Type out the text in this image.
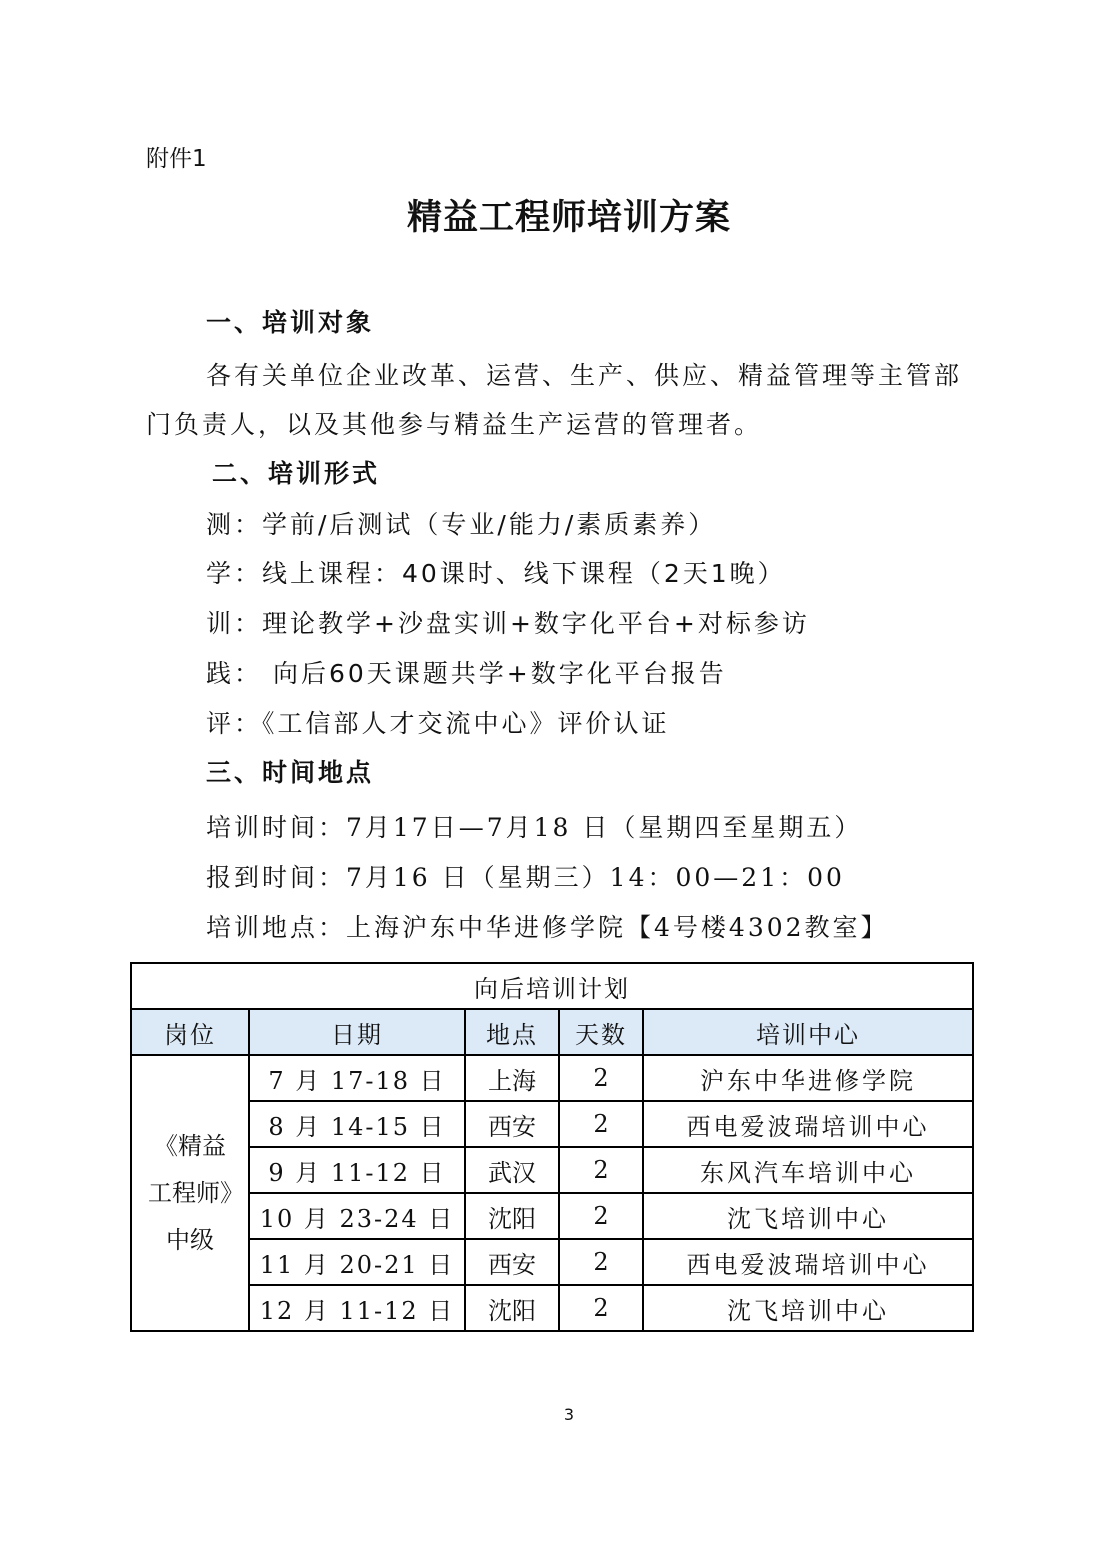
附件1
精益工程师培训方案
一、培训对象
各有关单位企业改革、运营、生产、供应、精益管理等主管部
门负责人，以及其他参与精益生产运营的管理者。
二、培训形式
测：学前/后测试（专业/能力/素质素养）
学：线上课程：40课时、线下课程（2天1晚）
训：理论教学+沙盘实训+数字化平台+对标参访
践： 向后60天课题共学+数字化平台报告
评：《工信部人才交流中心》评价认证
三、时间地点
培训时间：7月17日—7月18 日（星期四至星期五）
报到时间：7月16 日（星期三）14：00—21：00
培训地点：上海沪东中华进修学院【4号楼4302教室】
向后培训计划				
岗位	日期	地点	天数	培训中心
《精益工程师》中级	7 月 17-18 日	上海	2	沪东中华进修学院
	8 月 14-15 日	西安	2	西电爱波瑞培训中心
	9 月 11-12 日	武汉	2	东风汽车培训中心
	10 月 23-24 日	沈阳	2	沈飞培训中心
	11 月 20-21 日	西安	2	西电爱波瑞培训中心
	12 月 11-12 日	沈阳	2	沈飞培训中心
3
